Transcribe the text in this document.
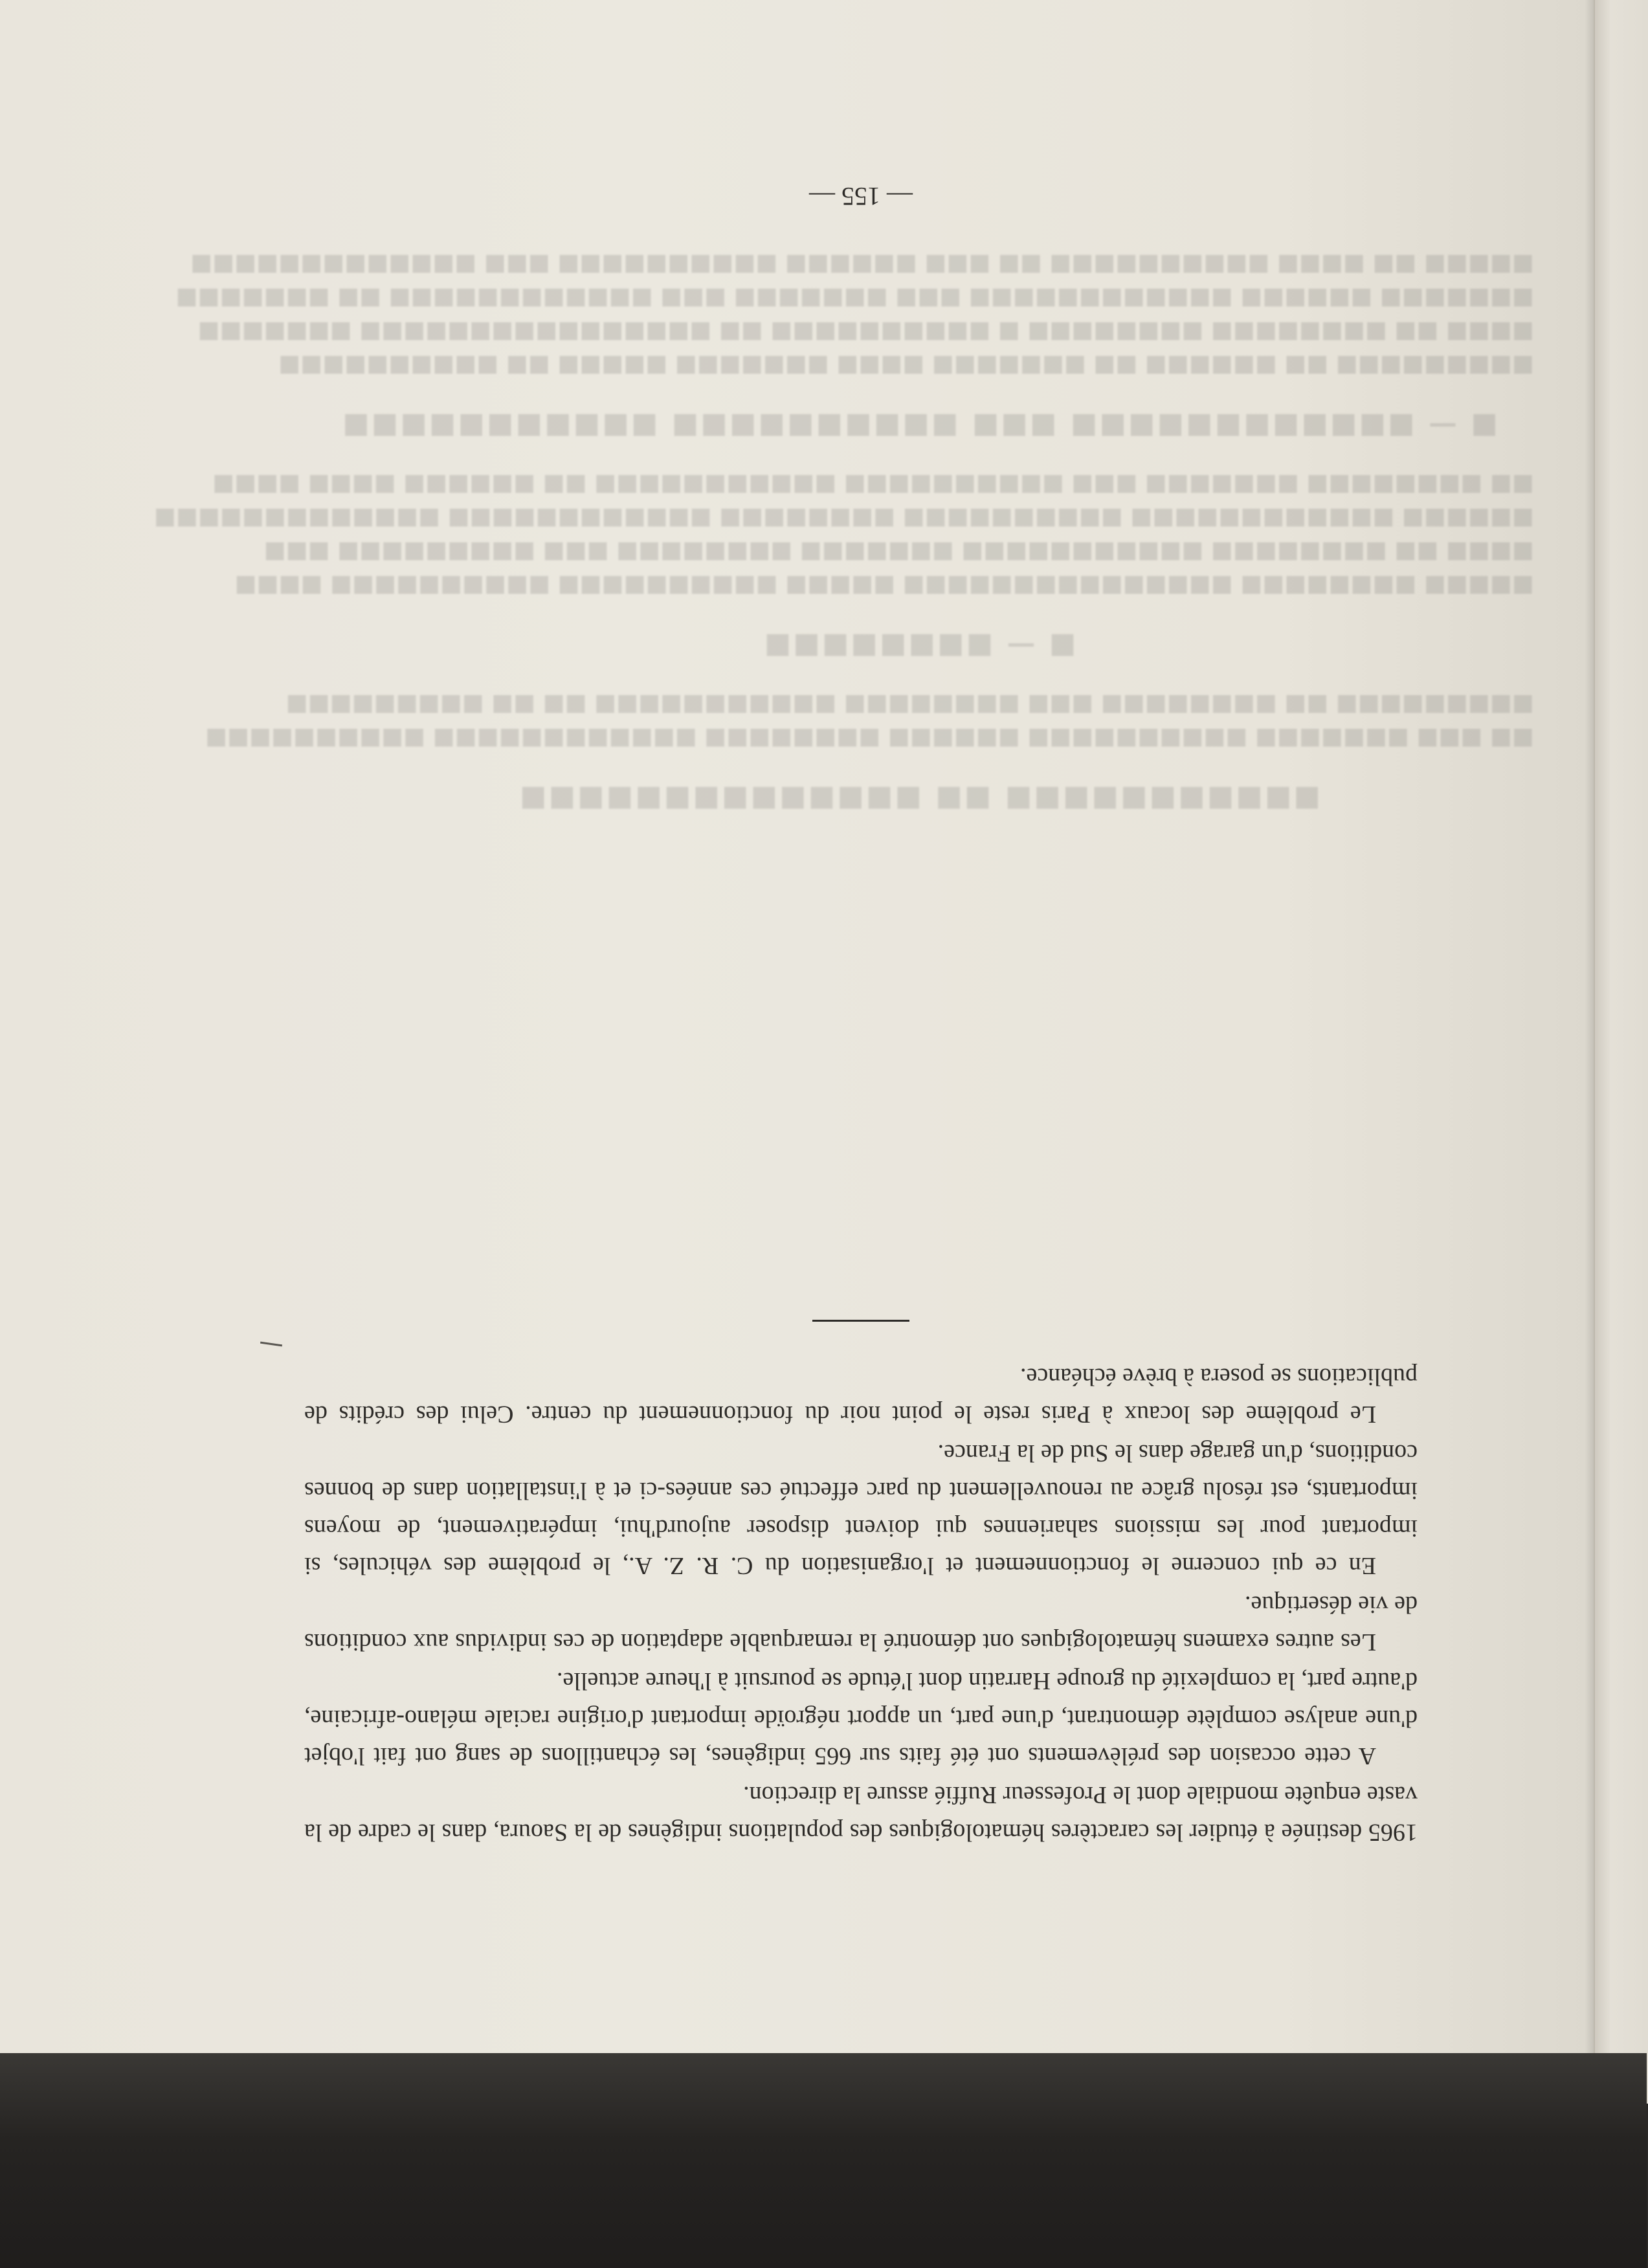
■■■■■ ■■ ■■■■ ■■■■■■■■■■ ■■ ■■■ ■■■■■■ ■■■■■■■■■■ ■■■ ■■■■■■■■■■■■■
■■■■■■■ ■■■■■■ ■■■■■■■■■■■■ ■■■ ■■■■■■■ ■■■ ■■■■■■■■■■■■ ■■ ■■■■■■■
■■■■ ■■ ■■■■■■■■ ■■■■■■■■ ■ ■■■■■■■■■■ ■■ ■■■■■■■■■■■■■■■■ ■■■■■■■
■■■■■■■■■ ■■ ■■■■■■ ■■ ■■■■■■■ ■■■■ ■■■■■■■ ■■■■■ ■■ ■■■■■■■■■■
■ — ■■■■■■■■■■■■ ■■■ ■■■■■■■■■■ ■■■■■■■■■■■
■■ ■■■■■■■■ ■■■■■■■ ■■■ ■■■■■■■■■■ ■■■■■■■■■■■ ■■ ■■■■■■ ■■■■ ■■■■
■■■■■■ ■■■■■■■■■■■■ ■■■■■■■■■■ ■■■■■■■■ ■■■■■■■■■■■■ ■■■■■■■■■■■■■
■■■■ ■■ ■■■■■■■■ ■■■■■■■■■■■ ■■■■■■■ ■■■■■■■■ ■■■ ■■■■■■■■■ ■■■
■■■■■ ■■■■■■■■ ■■■■■■■■■■■■■■■ ■■■■■ ■■■■■■■■■■ ■■■■■■■■■■ ■■■■
■ — ■■■■■■■■
■■■■■■■■■ ■■ ■■■■■■■■ ■■■ ■■■■■■■■ ■■■■■■■■■■■ ■■ ■■ ■■■■■■■■■
■■ ■■■ ■■■■■■■ ■■■■■■■■■■ ■■■■■■ ■■■■■■■■ ■■■■■■■■■■■■ ■■■■■■■■■■
■■■■■■■■■■■ ■■ ■■■■■■■■■■■■■■

1965 destinée à étudier les caractères hématologiques des populations indigènes de la Saoura, dans le cadre de la vaste enquête mondiale dont le Professeur Ruffié assure la direction.

A cette occasion des prélèvements ont été faits sur 665 indigènes, les échantillons de sang ont fait l'objet d'une analyse complète démontrant, d'une part, un apport négroïde important d'origine raciale mélano-africaine, d'autre part, la complexité du groupe Harratin dont l'étude se poursuit à l'heure actuelle.

Les autres examens hématologiques ont démontré la remarquable adaptation de ces individus aux conditions de vie désertique.

En ce qui concerne le fonctionnement et l'organisation du C. R. Z. A., le problème des véhicules, si important pour les missions sahariennes qui doivent disposer aujourd'hui, impérativement, de moyens importants, est résolu grâce au renouvellement du parc effectué ces années-ci et à l'installation dans de bonnes conditions, d'un garage dans le Sud de la France.

Le problème des locaux à Paris reste le point noir du fonctionnement du centre. Celui des crédits de publications se posera à brève échéance.

— 155 —
